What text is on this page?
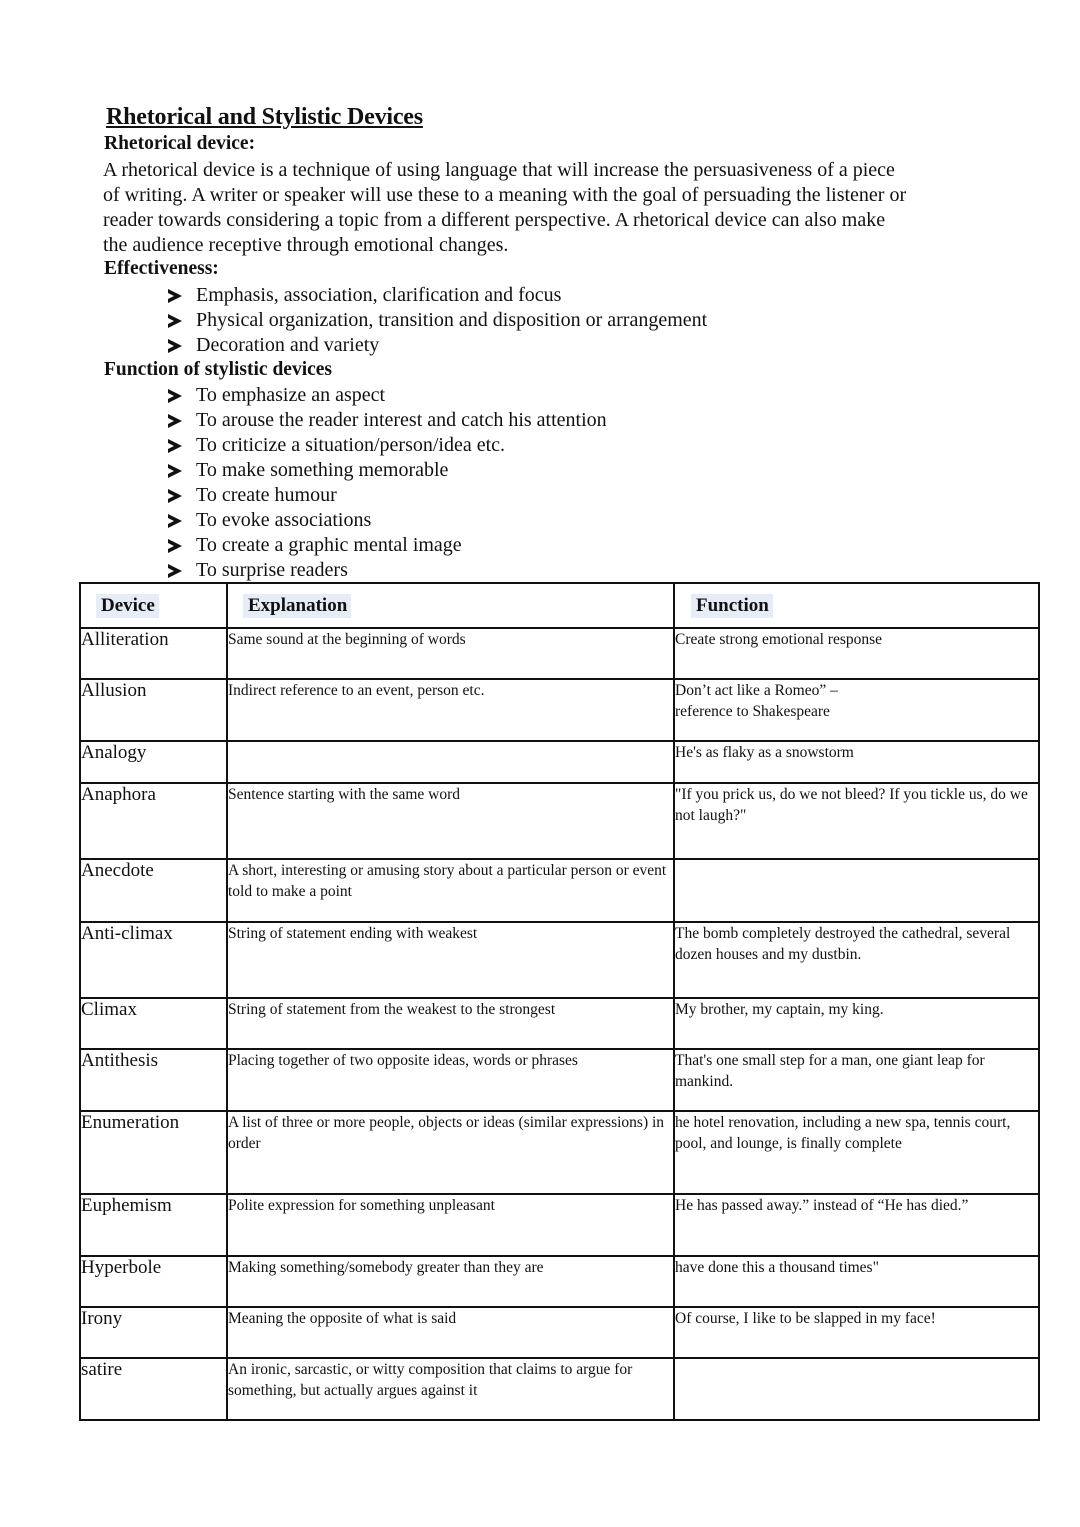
Rhetorical and Stylistic Devices
Rhetorical device:
A rhetorical device is a technique of using language that will increase the persuasiveness of a piece
of writing. A writer or speaker will use these to a meaning with the goal of persuading the listener or
reader towards considering a topic from a different perspective. A rhetorical device can also make
the audience receptive through emotional changes.
Effectiveness:
Emphasis, association, clarification and focus
Physical organization, transition and disposition or arrangement
Decoration and variety
Function of stylistic devices
To emphasize an aspect
To arouse the reader interest and catch his attention
To criticize a situation/person/idea etc.
To make something memorable
To create humour
To evoke associations
To create a graphic mental image
To surprise readers
Device	Explanation	Function
Alliteration	Same sound at the beginning of words	Create strong emotional response
Allusion	Indirect reference to an event, person etc.	Don’t act like a Romeo” –
reference to Shakespeare
Analogy		He's as flaky as a snowstorm
Anaphora	Sentence starting with the same word	"If you prick us, do we not bleed? If you tickle us, do we not laugh?"
Anecdote	A short, interesting or amusing story about a particular person or event told to make a point	
Anti-climax	String of statement ending with weakest	The bomb completely destroyed the cathedral, several dozen houses and my dustbin.
Climax	String of statement from the weakest to the strongest	My brother, my captain, my king.
Antithesis	Placing together of two opposite ideas, words or phrases	That's one small step for a man, one giant leap for mankind.
Enumeration	A list of three or more people, objects or ideas (similar expressions) in order	he hotel renovation, including a new spa, tennis court, pool, and lounge, is finally complete
Euphemism	Polite expression for something unpleasant	He has passed away.” instead of “He has died.”
Hyperbole	Making something/somebody greater than they are	have done this a thousand times"
Irony	Meaning the opposite of what is said	Of course, I like to be slapped in my face!
satire	An ironic, sarcastic, or witty composition that claims to argue for something, but actually argues against it	
